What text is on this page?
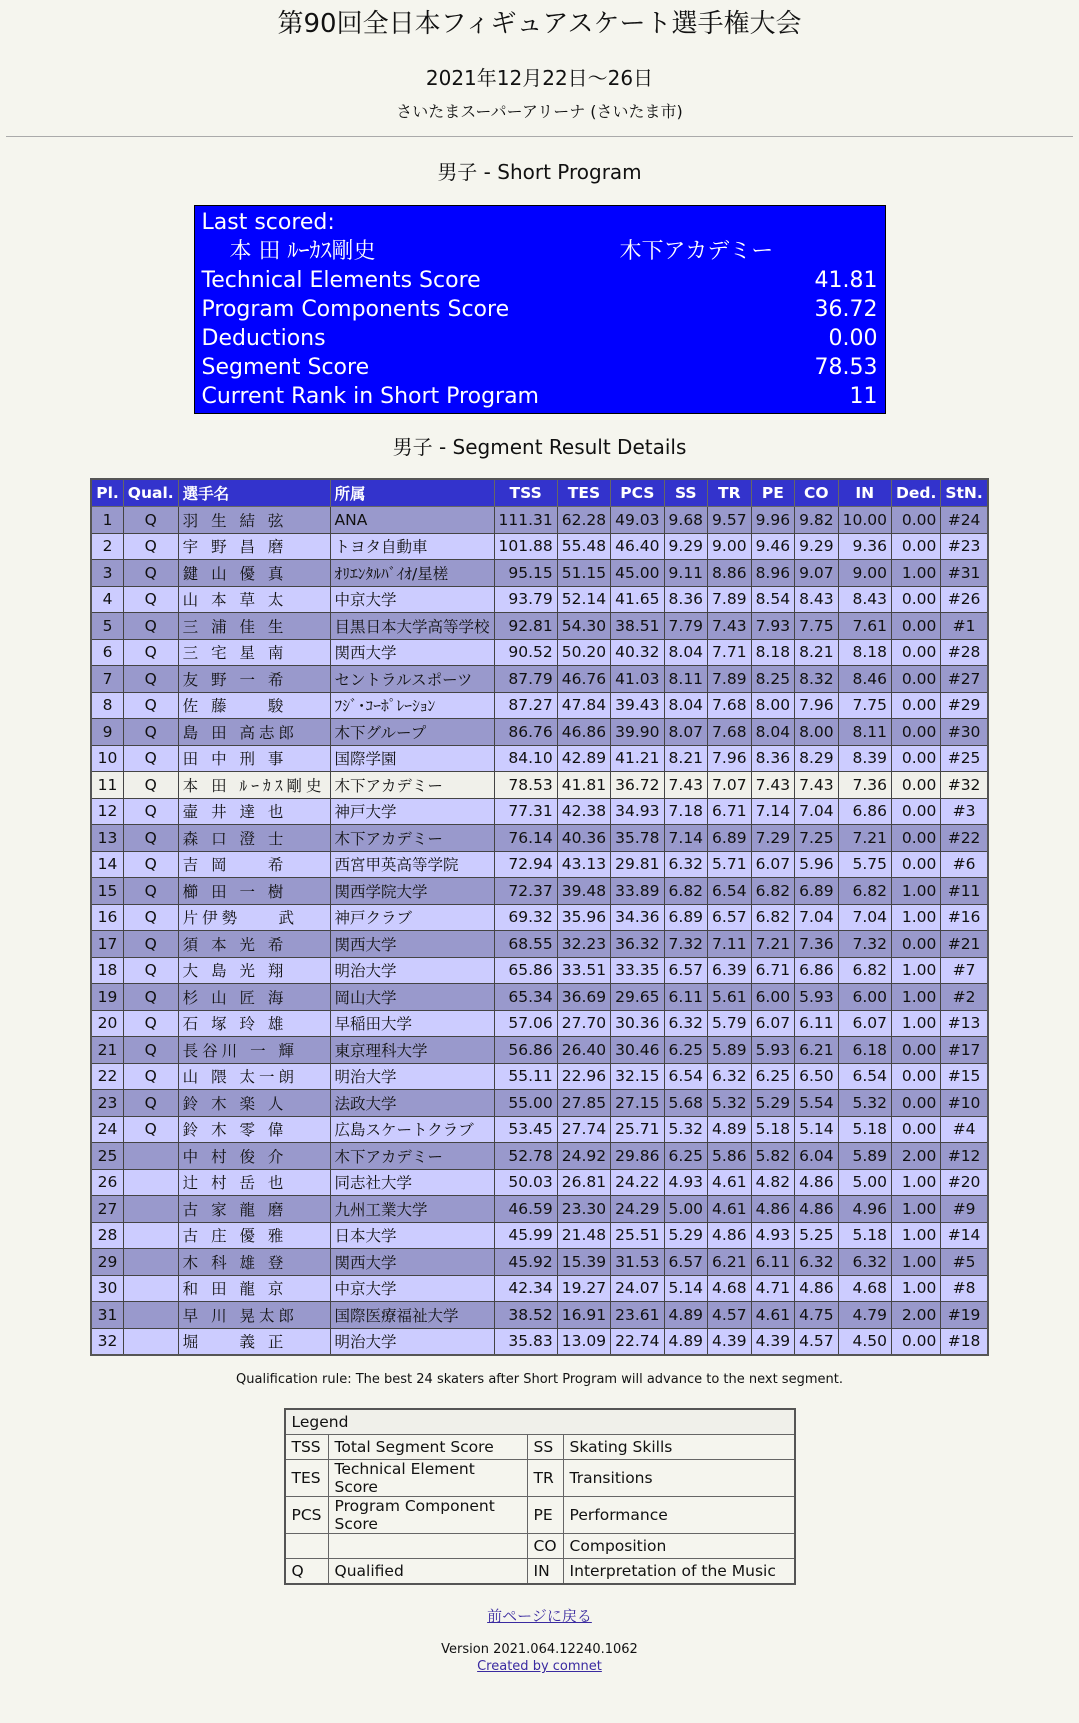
第90回全日本フィギュアスケート選手権大会
2021年12月22日〜26日
さいたまスーパーアリーナ (さいたま市)
男子 - Short Program
Last scored:
本 田 ﾙｰｶｽ剛史	木下アカデミー
Technical Elements Score	41.81
Program Components Score	36.72
Deductions	0.00
Segment Score	78.53
Current Rank in Short Program	11
男子 - Segment Result Details
Pl.	Qual.	選手名	所属	TSS	TES	PCS	SS	TR	PE	CO	IN	Ded.	StN.
1	Q	羽 生 結 弦	ANA	111.31	62.28	49.03	9.68	9.57	9.96	9.82	10.00	0.00	#24
2	Q	宇 野 昌 磨	トヨタ自動車	101.88	55.48	46.40	9.29	9.00	9.46	9.29	9.36	0.00	#23
3	Q	鍵 山 優 真	ｵﾘｴﾝﾀﾙﾊﾞｲｵ/星槎	95.15	51.15	45.00	9.11	8.86	8.96	9.07	9.00	1.00	#31
4	Q	山 本 草 太	中京大学	93.79	52.14	41.65	8.36	7.89	8.54	8.43	8.43	0.00	#26
5	Q	三 浦 佳 生	目黒日本大学高等学校	92.81	54.30	38.51	7.79	7.43	7.93	7.75	7.61	0.00	#1
6	Q	三 宅 星 南	関西大学	90.52	50.20	40.32	8.04	7.71	8.18	8.21	8.18	0.00	#28
7	Q	友 野 一 希	セントラルスポーツ	87.79	46.76	41.03	8.11	7.89	8.25	8.32	8.46	0.00	#27
8	Q	佐 藤 　 駿	ﾌｼﾞ･ｺｰﾎﾟﾚｰｼｮﾝ	87.27	47.84	39.43	8.04	7.68	8.00	7.96	7.75	0.00	#29
9	Q	島 田 高志郎	木下グループ	86.76	46.86	39.90	8.07	7.68	8.04	8.00	8.11	0.00	#30
10	Q	田 中 刑 事	国際学園	84.10	42.89	41.21	8.21	7.96	8.36	8.29	8.39	0.00	#25
11	Q	本 田 ﾙｰｶｽ剛史	木下アカデミー	78.53	41.81	36.72	7.43	7.07	7.43	7.43	7.36	0.00	#32
12	Q	壷 井 達 也	神戸大学	77.31	42.38	34.93	7.18	6.71	7.14	7.04	6.86	0.00	#3
13	Q	森 口 澄 士	木下アカデミー	76.14	40.36	35.78	7.14	6.89	7.29	7.25	7.21	0.00	#22
14	Q	吉 岡 　 希	西宮甲英高等学院	72.94	43.13	29.81	6.32	5.71	6.07	5.96	5.75	0.00	#6
15	Q	櫛 田 一 樹	関西学院大学	72.37	39.48	33.89	6.82	6.54	6.82	6.89	6.82	1.00	#11
16	Q	片伊勢 　 武	神戸クラブ	69.32	35.96	34.36	6.89	6.57	6.82	7.04	7.04	1.00	#16
17	Q	須 本 光 希	関西大学	68.55	32.23	36.32	7.32	7.11	7.21	7.36	7.32	0.00	#21
18	Q	大 島 光 翔	明治大学	65.86	33.51	33.35	6.57	6.39	6.71	6.86	6.82	1.00	#7
19	Q	杉 山 匠 海	岡山大学	65.34	36.69	29.65	6.11	5.61	6.00	5.93	6.00	1.00	#2
20	Q	石 塚 玲 雄	早稲田大学	57.06	27.70	30.36	6.32	5.79	6.07	6.11	6.07	1.00	#13
21	Q	長谷川 一 輝	東京理科大学	56.86	26.40	30.46	6.25	5.89	5.93	6.21	6.18	0.00	#17
22	Q	山 隈 太一朗	明治大学	55.11	22.96	32.15	6.54	6.32	6.25	6.50	6.54	0.00	#15
23	Q	鈴 木 楽 人	法政大学	55.00	27.85	27.15	5.68	5.32	5.29	5.54	5.32	0.00	#10
24	Q	鈴 木 零 偉	広島スケートクラブ	53.45	27.74	25.71	5.32	4.89	5.18	5.14	5.18	0.00	#4
25		中 村 俊 介	木下アカデミー	52.78	24.92	29.86	6.25	5.86	5.82	6.04	5.89	2.00	#12
26		辻 村 岳 也	同志社大学	50.03	26.81	24.22	4.93	4.61	4.82	4.86	5.00	1.00	#20
27		古 家 龍 磨	九州工業大学	46.59	23.30	24.29	5.00	4.61	4.86	4.86	4.96	1.00	#9
28		古 庄 優 雅	日本大学	45.99	21.48	25.51	5.29	4.86	4.93	5.25	5.18	1.00	#14
29		木 科 雄 登	関西大学	45.92	15.39	31.53	6.57	6.21	6.11	6.32	6.32	1.00	#5
30		和 田 龍 京	中京大学	42.34	19.27	24.07	5.14	4.68	4.71	4.86	4.68	1.00	#8
31		早 川 晃太郎	国際医療福祉大学	38.52	16.91	23.61	4.89	4.57	4.61	4.75	4.79	2.00	#19
32		堀 　 義 正	明治大学	35.83	13.09	22.74	4.89	4.39	4.39	4.57	4.50	0.00	#18
Qualification rule: The best 24 skaters after Short Program will advance to the next segment.
Legend			
TSS	Total Segment Score	SS	Skating Skills
TES	Technical Element Score	TR	Transitions
PCS	Program Component Score	PE	Performance
		CO	Composition
Q	Qualified	IN	Interpretation of the Music
前ページに戻る
Version 2021.064.12240.1062
Created by comnet
